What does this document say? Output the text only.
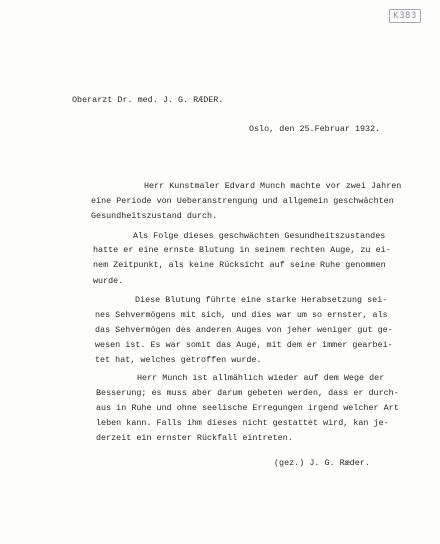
K383
Oberarzt Dr. med. J. G. RÆDER.
Oslo, den 25.Februar 1932.
Herr Kunstmaler Edvard Munch machte vor zwei Jahren
eine Periode von Ueberanstrengung und allgemein geschwächten
Gesundheitszustand durch.
Als Folge dieses geschwächten Gesundheitszustandes
hatte er eine ernste Blutung in seinem rechten Auge, zu ei-
nem Zeitpunkt, als keine Rücksicht auf seine Ruhe genommen
wurde.
Diese Blutung führte eine starke Herabsetzung sei-
nes Sehvermögens mit sich, und dies war um so ernster, als
das Sehvermögen des anderen Auges von jeher weniger gut ge-
wesen ist. Es war somit das Auge, mit dem er immer gearbei-
tet hat, welches getroffen wurde.
Herr Munch ist allmählich wieder auf dem Wege der
Besserung; es muss aber darum gebeten werden, dass er durch-
aus in Ruhe und ohne seelische Erregungen irgend welcher Art
leben kann. Falls ihm dieses nicht gestattet wird, kan je-
derzeit ein ernster Rückfall eintreten.
(gez.) J. G. Ræder.
